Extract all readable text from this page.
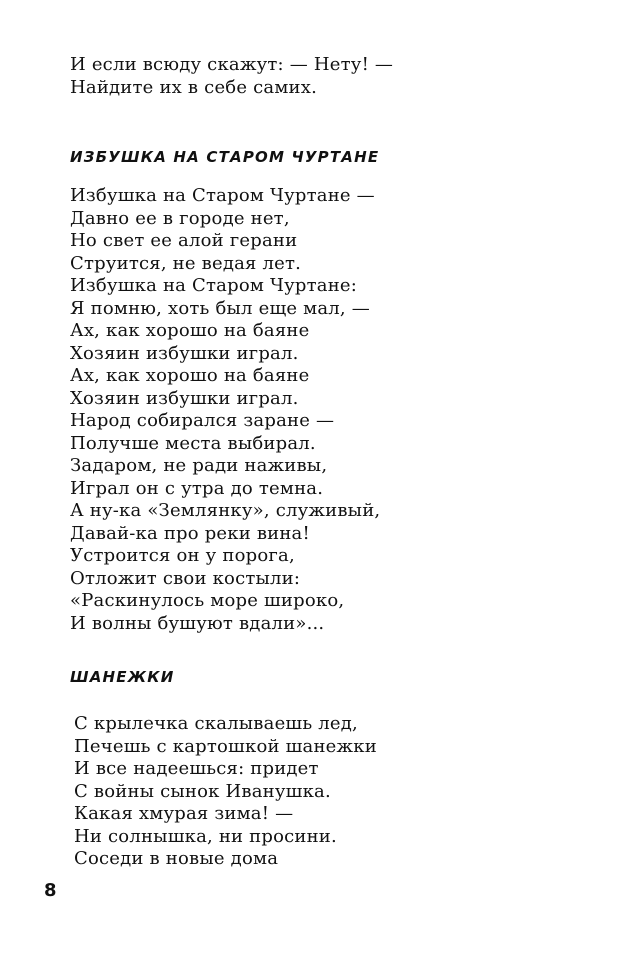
И если всюду скажут: — Нету! —
Найдите их в себе самих.
ИЗБУШКА НА СТАРОМ ЧУРТАНЕ
Избушка на Старом Чуртане —
Давно ее в городе нет,
Но свет ее алой герани
Струится, не ведая лет.
Избушка на Старом Чуртане:
Я помню, хоть был еще мал, —
Ах, как хорошо на баяне
Хозяин избушки играл.
Ах, как хорошо на баяне
Хозяин избушки играл.
Народ собирался заране —
Получше места выбирал.
Задаром, не ради наживы,
Играл он с утра до темна.
А ну-ка «Землянку», служивый,
Давай-ка про реки вина!
Устроится он у порога,
Отложит свои костыли:
«Раскинулось море широко,
И волны бушуют вдали»...
ШАНЕЖКИ
С крылечка скалываешь лед,
Печешь с картошкой шанежки
И все надеешься: придет
С войны сынок Иванушка.
Какая хмурая зима! —
Ни солнышка, ни просини.
Соседи в новые дома
8
